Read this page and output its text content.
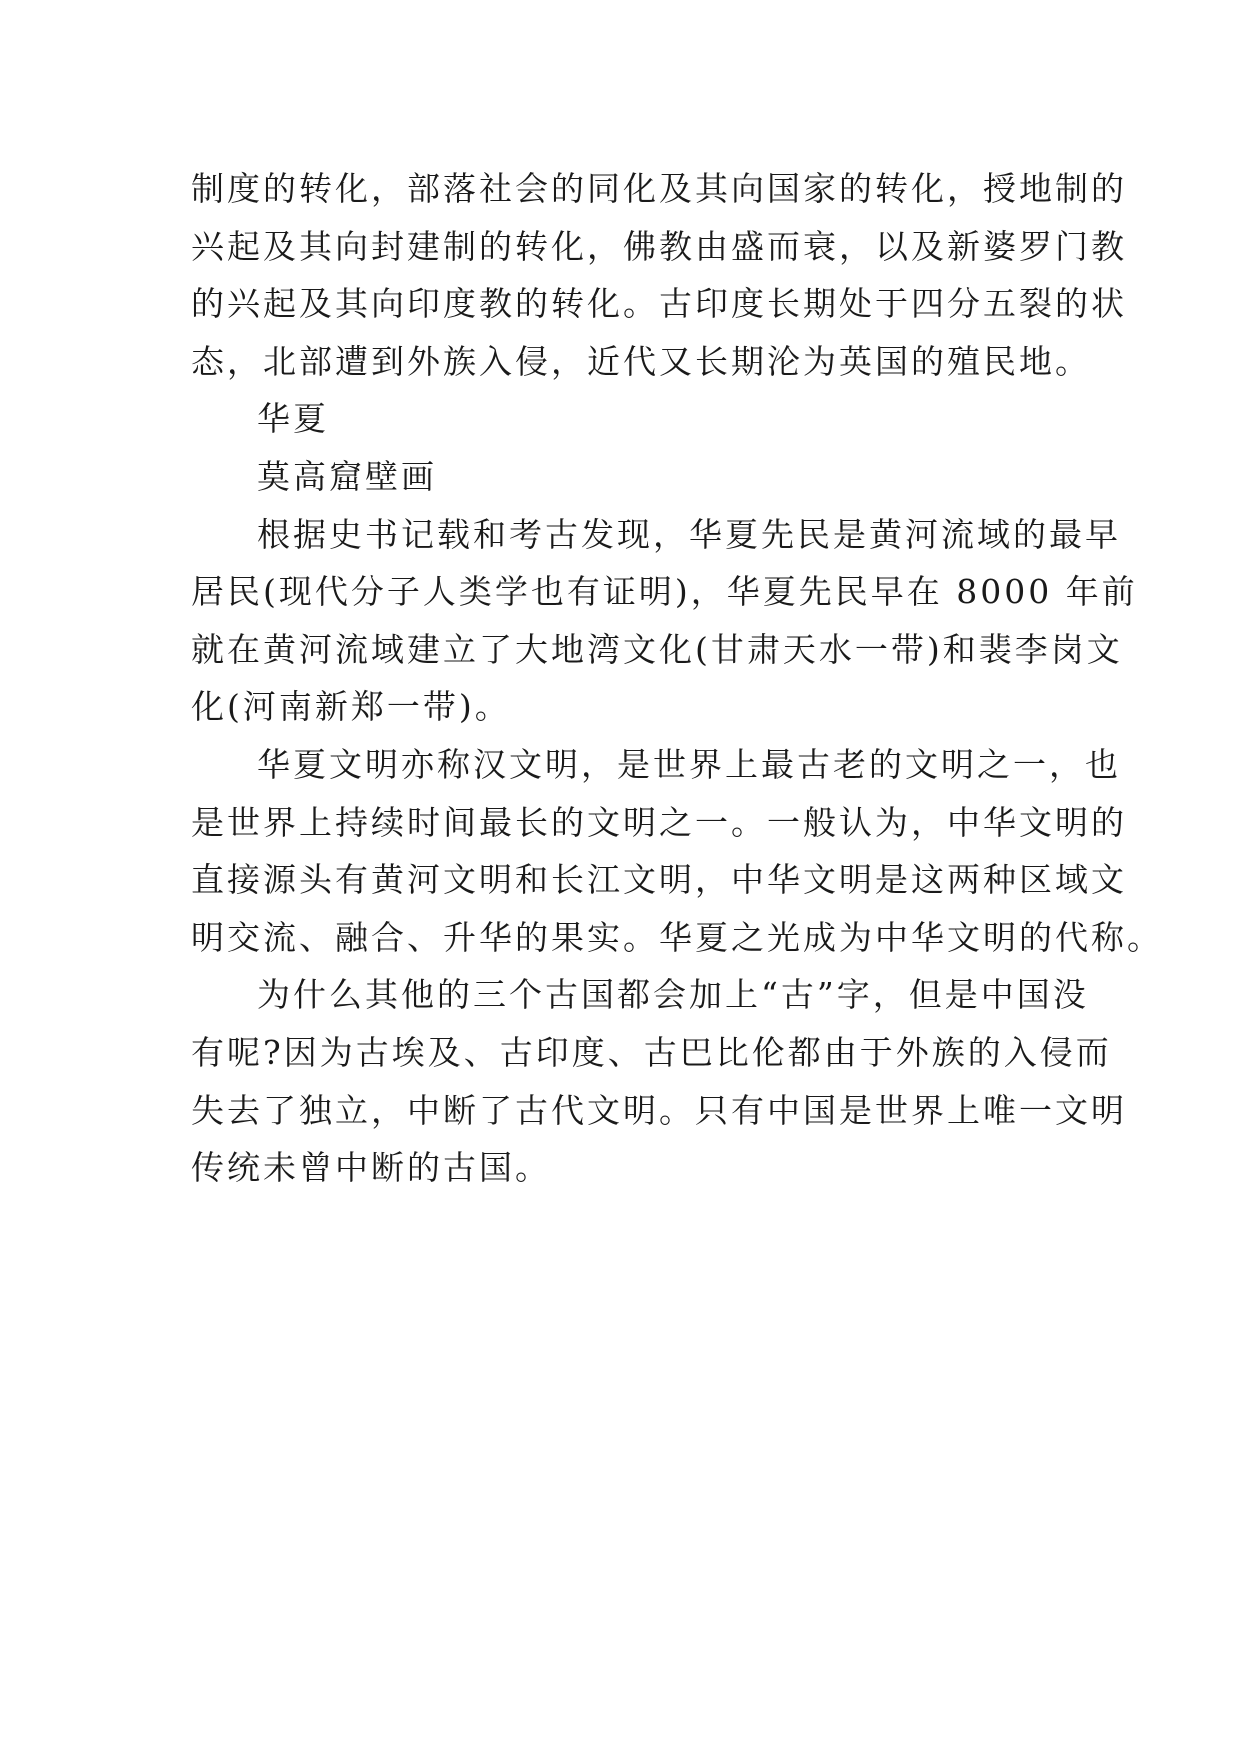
制度的转化，部落社会的同化及其向国家的转化，授地制的
兴起及其向封建制的转化，佛教由盛而衰，以及新婆罗门教
的兴起及其向印度教的转化。古印度长期处于四分五裂的状
态，北部遭到外族入侵，近代又长期沦为英国的殖民地。
华夏
莫高窟壁画
根据史书记载和考古发现，华夏先民是黄河流域的最早
居民(现代分子人类学也有证明)，华夏先民早在 8000 年前
就在黄河流域建立了大地湾文化(甘肃天水一带)和裴李岗文
化(河南新郑一带)。
华夏文明亦称汉文明，是世界上最古老的文明之一，也
是世界上持续时间最长的文明之一。一般认为，中华文明的
直接源头有黄河文明和长江文明，中华文明是这两种区域文
明交流、融合、升华的果实。华夏之光成为中华文明的代称。
为什么其他的三个古国都会加上“古”字，但是中国没
有呢?因为古埃及、古印度、古巴比伦都由于外族的入侵而
失去了独立，中断了古代文明。只有中国是世界上唯一文明
传统未曾中断的古国。
